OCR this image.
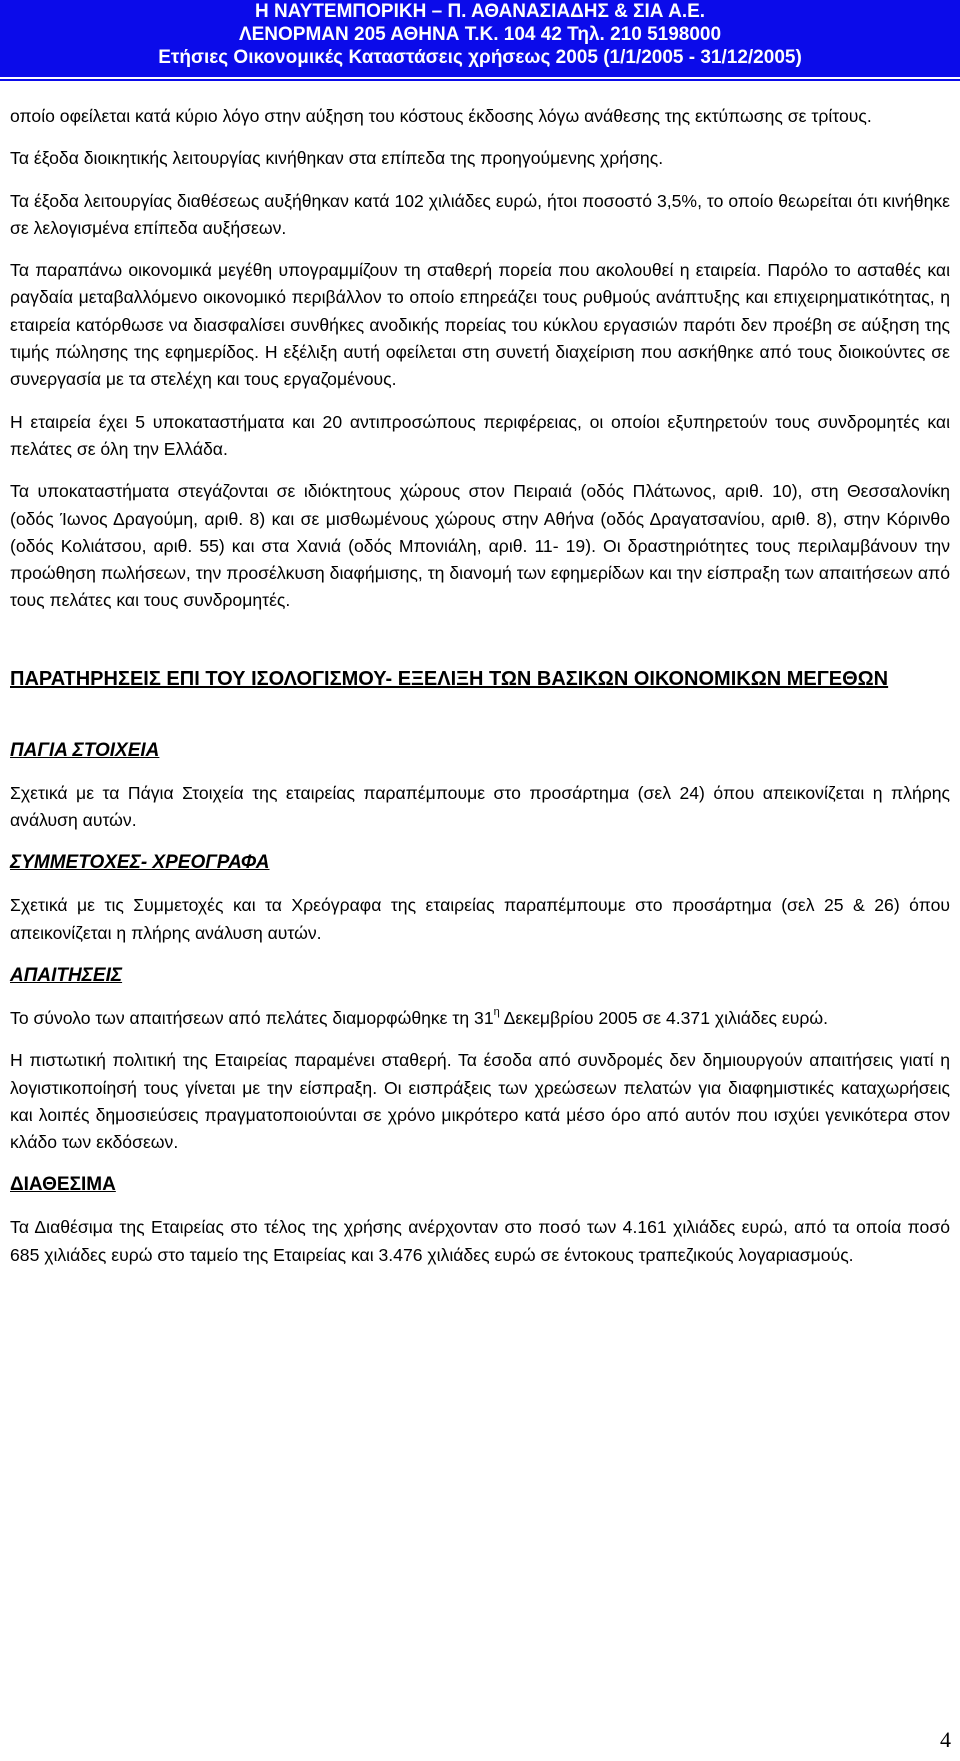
Η ΝΑΥΤΕΜΠΟΡΙΚΗ – Π. ΑΘΑΝΑΣΙΑΔΗΣ & ΣΙΑ Α.Ε.
ΛΕΝΟΡΜΑΝ 205 ΑΘΗΝΑ Τ.Κ. 104 42 Τηλ. 210 5198000
Ετήσιες Οικονομικές Καταστάσεις χρήσεως 2005 (1/1/2005 - 31/12/2005)

οποίο οφείλεται κατά κύριο λόγο στην αύξηση του κόστους έκδοσης λόγω ανάθεσης της εκτύπωσης σε τρίτους.

Τα έξοδα διοικητικής λειτουργίας κινήθηκαν στα επίπεδα της προηγούμενης χρήσης.

Τα έξοδα λειτουργίας διαθέσεως αυξήθηκαν κατά 102 χιλιάδες ευρώ, ήτοι ποσοστό 3,5%, το οποίο θεωρείται ότι κινήθηκε σε λελογισμένα επίπεδα αυξήσεων.

Τα παραπάνω οικονομικά μεγέθη υπογραμμίζουν τη σταθερή πορεία που ακολουθεί η εταιρεία. Παρόλο το ασταθές και ραγδαία μεταβαλλόμενο οικονομικό περιβάλλον το οποίο επηρεάζει τους ρυθμούς ανάπτυξης και επιχειρηματικότητας, η εταιρεία κατόρθωσε να διασφαλίσει συνθήκες ανοδικής πορείας του κύκλου εργασιών παρότι δεν προέβη σε αύξηση της τιμής πώλησης της εφημερίδος. Η εξέλιξη αυτή οφείλεται στη συνετή διαχείριση που ασκήθηκε από τους διοικούντες σε συνεργασία με τα στελέχη και τους εργαζομένους.

Η εταιρεία έχει 5 υποκαταστήματα και 20 αντιπροσώπους περιφέρειας, οι οποίοι εξυπηρετούν τους συνδρομητές και πελάτες σε όλη την Ελλάδα.

Τα υποκαταστήματα στεγάζονται σε ιδιόκτητους χώρους στον Πειραιά (οδός Πλάτωνος, αριθ. 10), στη Θεσσαλονίκη (οδός Ίωνος Δραγούμη, αριθ. 8) και σε μισθωμένους χώρους στην Αθήνα (οδός Δραγατσανίου, αριθ. 8), στην Κόρινθο (οδός Κολιάτσου, αριθ. 55) και στα Χανιά (οδός Μπονιάλη, αριθ. 11- 19). Οι δραστηριότητες τους περιλαμβάνουν την προώθηση πωλήσεων, την προσέλκυση διαφήμισης, τη διανομή των εφημερίδων και την είσπραξη των απαιτήσεων από τους πελάτες και τους συνδρομητές.

ΠΑΡΑΤΗΡΗΣΕΙΣ ΕΠΙ ΤΟΥ ΙΣΟΛΟΓΙΣΜΟΥ- ΕΞΕΛΙΞΗ ΤΩΝ ΒΑΣΙΚΩΝ ΟΙΚΟΝΟΜΙΚΩΝ ΜΕΓΕΘΩΝ
ΠΑΓΙΑ ΣΤΟΙΧΕΙΑ

Σχετικά με τα Πάγια Στοιχεία της εταιρείας παραπέμπουμε στο προσάρτημα (σελ 24) όπου απεικονίζεται η πλήρης ανάλυση αυτών.

ΣΥΜΜΕΤΟΧΕΣ- ΧΡΕΟΓΡΑΦΑ

Σχετικά με τις Συμμετοχές και τα Χρεόγραφα της εταιρείας παραπέμπουμε στο προσάρτημα (σελ 25 & 26) όπου απεικονίζεται η πλήρης ανάλυση αυτών.

ΑΠΑΙΤΗΣΕΙΣ

Το σύνολο των απαιτήσεων από πελάτες διαμορφώθηκε τη $31^\eta$ Δεκεμβρίου 2005 σε 4.371 χιλιάδες ευρώ.

Η πιστωτική πολιτική της Εταιρείας παραμένει σταθερή. Τα έσοδα από συνδρομές δεν δημιουργούν απαιτήσεις γιατί η λογιστικοποίησή τους γίνεται με την είσπραξη. Οι εισπράξεις των χρεώσεων πελατών για διαφημιστικές καταχωρήσεις και λοιπές δημοσιεύσεις πραγματοποιούνται σε χρόνο μικρότερο κατά μέσο όρο από αυτόν που ισχύει γενικότερα στον κλάδο των εκδόσεων.

ΔΙΑΘΕΣΙΜΑ

Τα Διαθέσιμα της Εταιρείας στο τέλος της χρήσης ανέρχονταν στο ποσό των 4.161 χιλιάδες ευρώ, από τα οποία ποσό 685 χιλιάδες ευρώ στο ταμείο της Εταιρείας και 3.476 χιλιάδες ευρώ σε έντοκους τραπεζικούς λογαριασμούς.

4
